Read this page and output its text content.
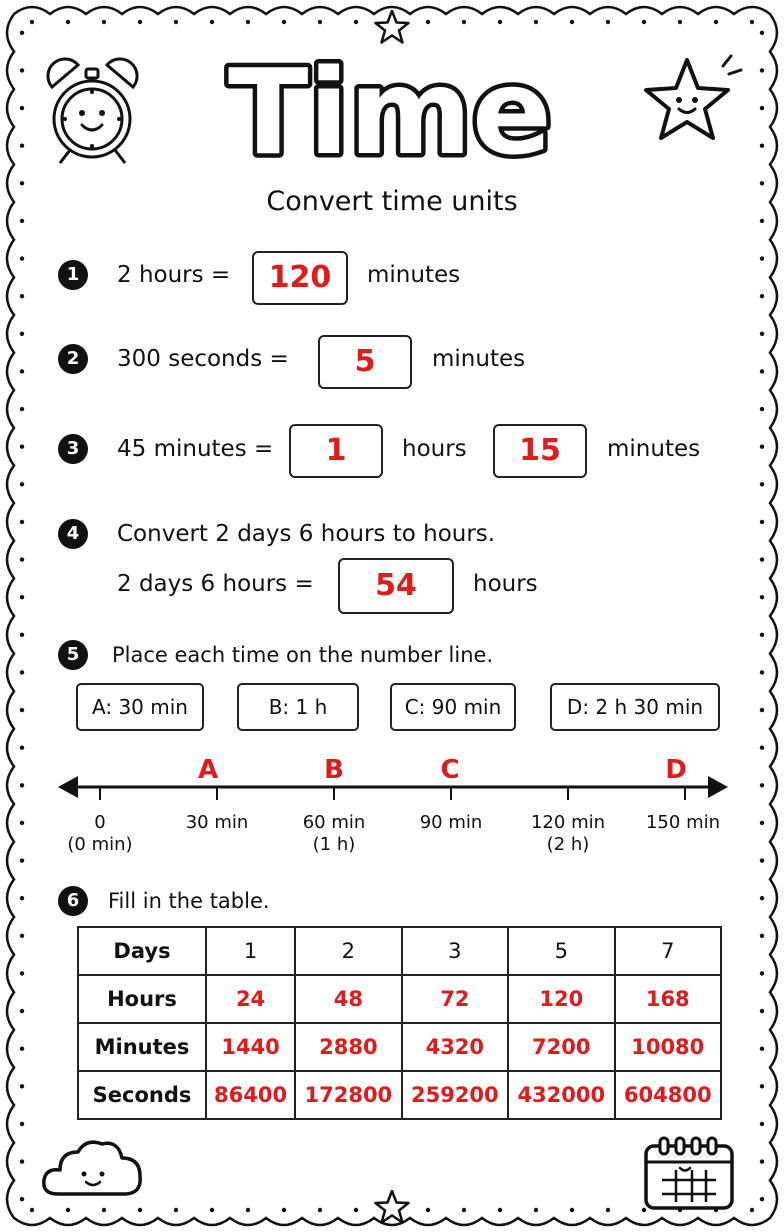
Time
Convert time units
1	2 hours =	120	minutes
2	300 seconds =	5	minutes
3	45 minutes =	1	hours	15	minutes
4	Convert 2 days 6 hours to hours.
2 days 6 hours =	54	hours
5	Place each time on the number line.
A: 30 min	B: 1 h	C: 90 min	D: 2 h 30 min
A	B	C	D
0
(0 min)
30 min	60 min
(1 h)
90 min	120 min
(2 h)
150 min
6	Fill in the table.
Days	1	2	3	5	7
Hours	24	48	72	120	168
Minutes	1440	2880	4320	7200	10080
Seconds	86400	172800	259200	432000	604800
